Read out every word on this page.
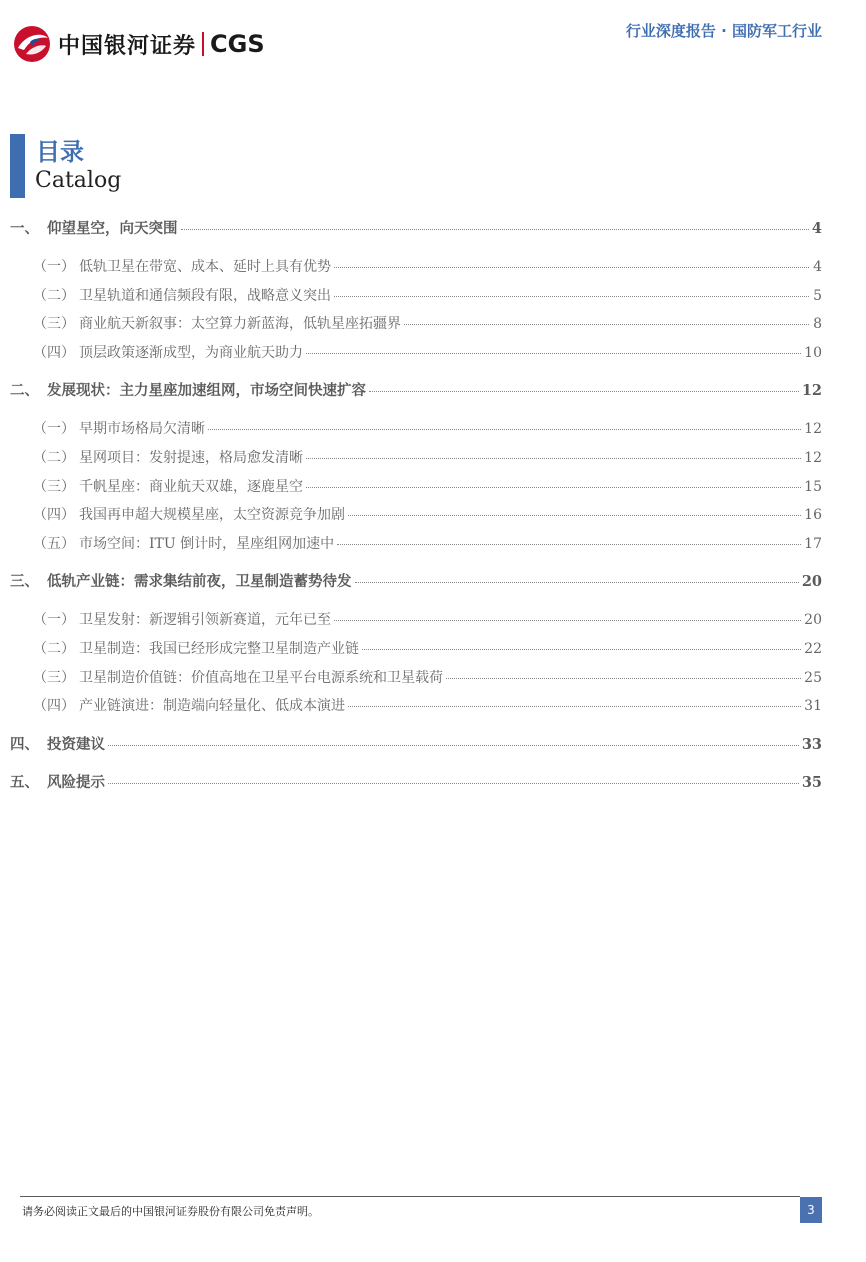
中国银河证券 CGS	行业深度报告 · 国防军工行业
目录
Catalog
一、 仰望星空，向天突围	4
（一） 低轨卫星在带宽、成本、延时上具有优势	4
（二） 卫星轨道和通信频段有限，战略意义突出	5
（三） 商业航天新叙事：太空算力新蓝海，低轨星座拓疆界	8
（四） 顶层政策逐渐成型，为商业航天助力	10
二、 发展现状：主力星座加速组网，市场空间快速扩容	12
（一） 早期市场格局欠清晰	12
（二） 星网项目：发射提速，格局愈发清晰	12
（三） 千帆星座：商业航天双雄，逐鹿星空	15
（四） 我国再申超大规模星座，太空资源竞争加剧	16
（五） 市场空间：ITU 倒计时，星座组网加速中	17
三、 低轨产业链：需求集结前夜，卫星制造蓄势待发	20
（一） 卫星发射：新逻辑引领新赛道，元年已至	20
（二） 卫星制造：我国已经形成完整卫星制造产业链	22
（三） 卫星制造价值链：价值高地在卫星平台电源系统和卫星载荷	25
（四） 产业链演进：制造端向轻量化、低成本演进	31
四、 投资建议	33
五、 风险提示	35
请务必阅读正文最后的中国银河证券股份有限公司免责声明。	3
